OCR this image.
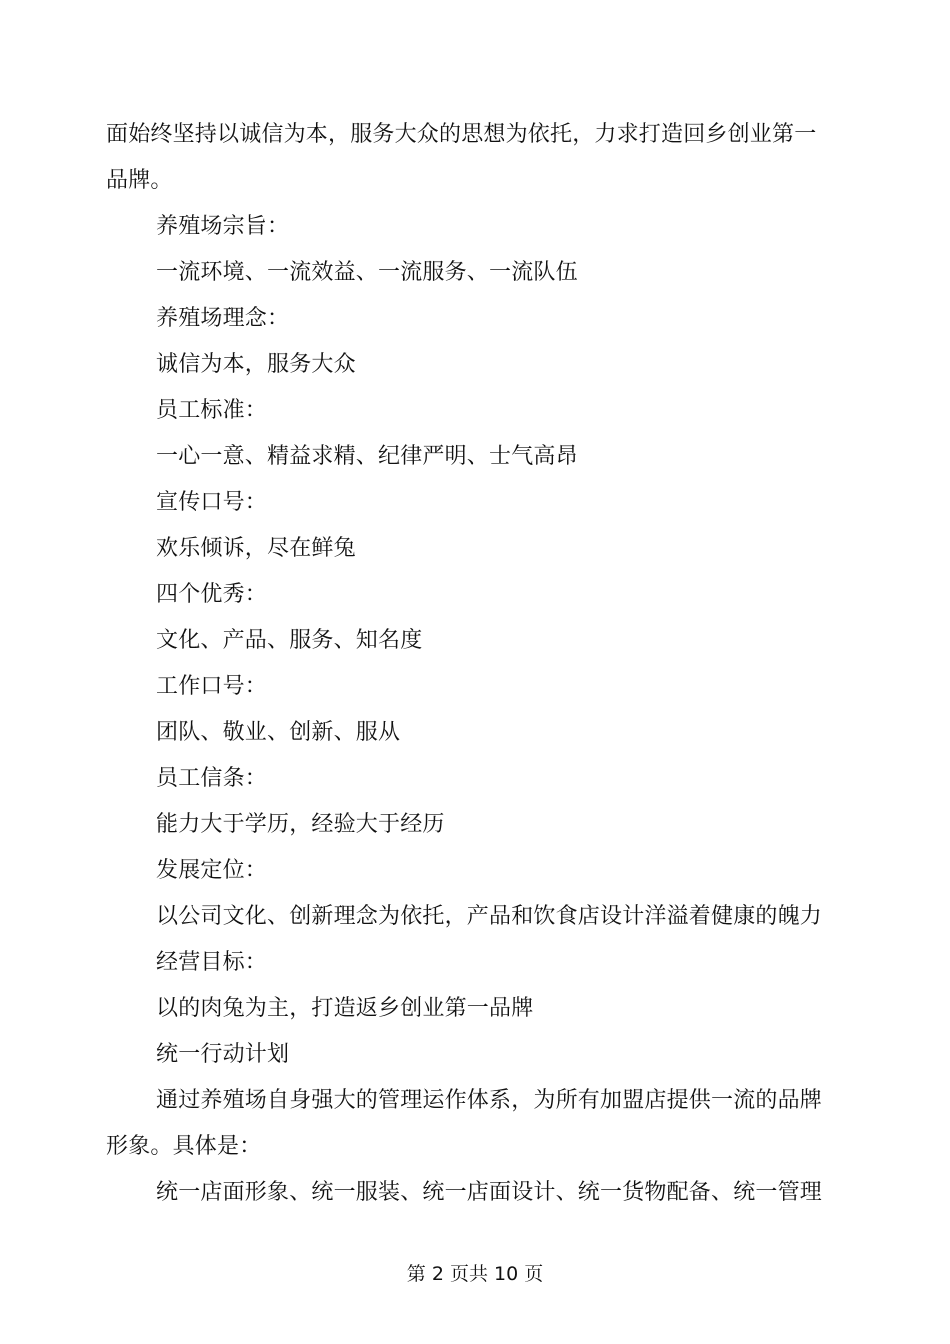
面始终坚持以诚信为本，服务大众的思想为依托，力求打造回乡创业第一
品牌。
养殖场宗旨：
一流环境、一流效益、一流服务、一流队伍
养殖场理念：
诚信为本，服务大众
员工标准：
一心一意、精益求精、纪律严明、士气高昂
宣传口号：
欢乐倾诉，尽在鲜兔
四个优秀：
文化、产品、服务、知名度
工作口号：
团队、敬业、创新、服从
员工信条：
能力大于学历，经验大于经历
发展定位：
以公司文化、创新理念为依托，产品和饮食店设计洋溢着健康的魄力
经营目标：
以的肉兔为主，打造返乡创业第一品牌
统一行动计划
通过养殖场自身强大的管理运作体系，为所有加盟店提供一流的品牌
形象。具体是：
统一店面形象、统一服装、统一店面设计、统一货物配备、统一管理
第 2 页共 10 页
